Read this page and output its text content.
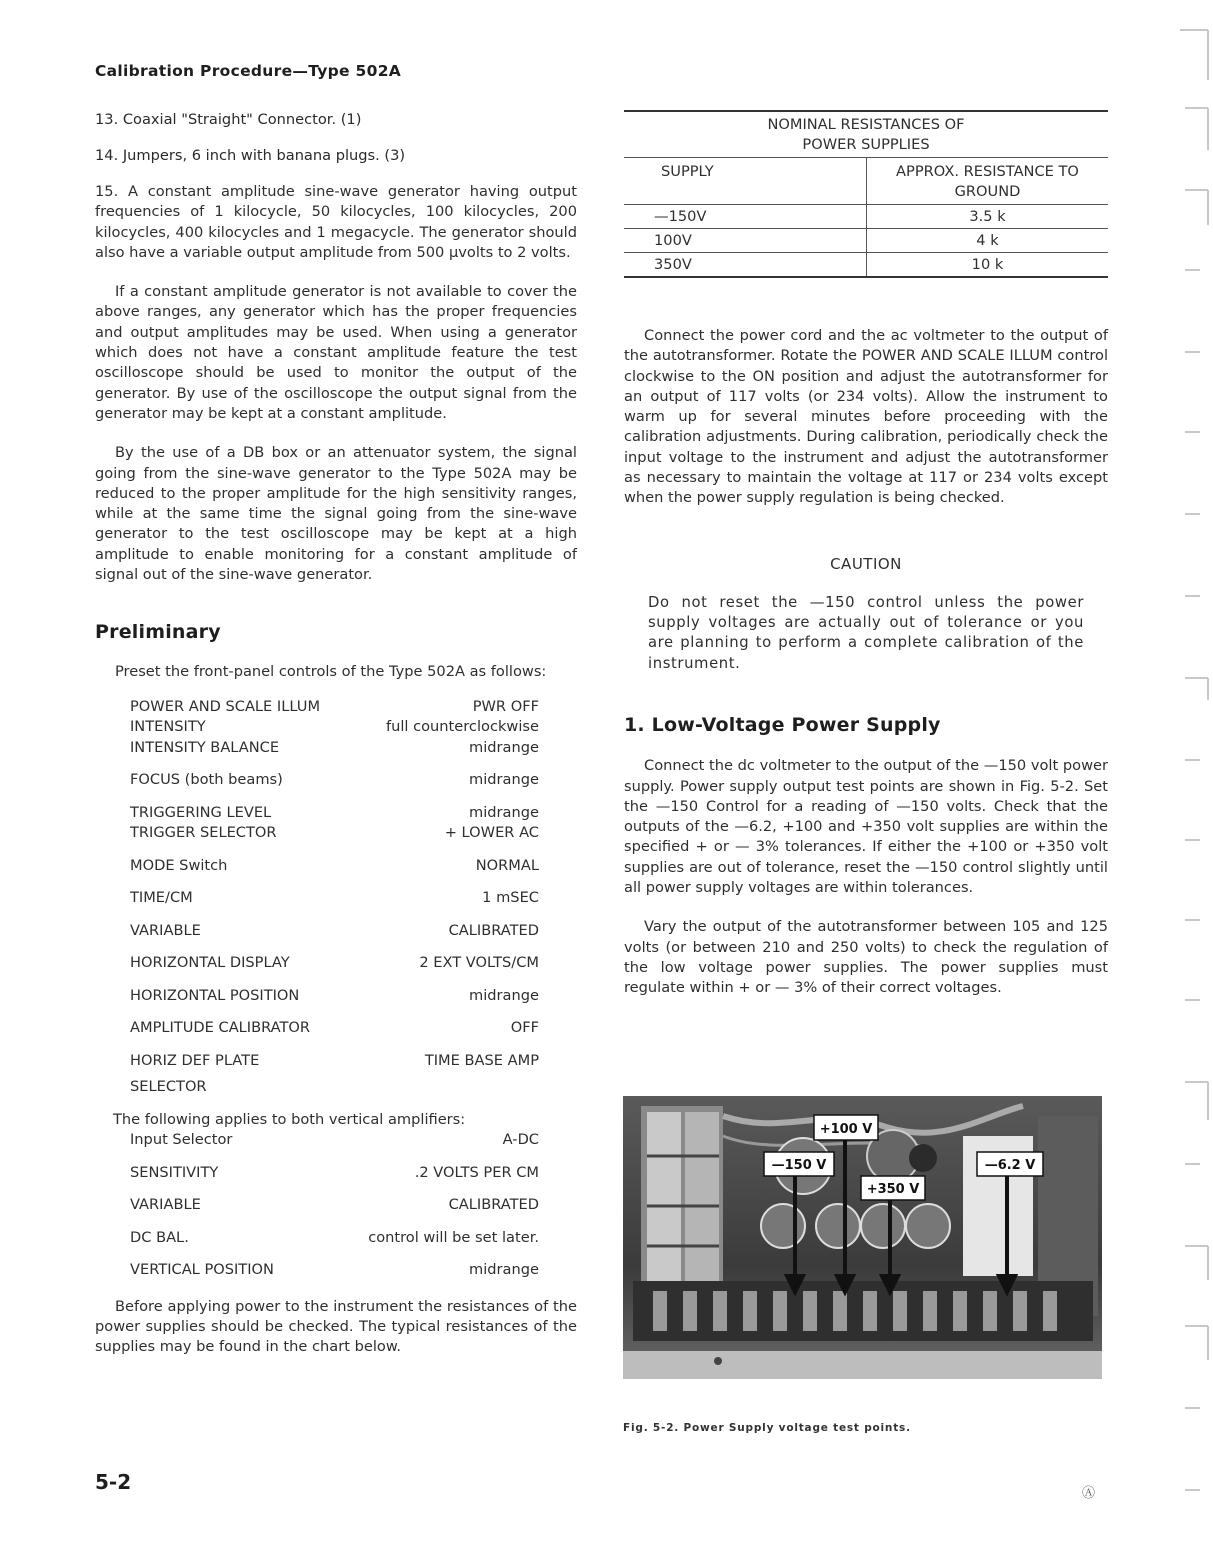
Calibration Procedure—Type 502A

13. Coaxial "Straight" Connector. (1)

14. Jumpers, 6 inch with banana plugs. (3)

15. A constant amplitude sine-wave generator having output frequencies of 1 kilocycle, 50 kilocycles, 100 kilocycles, 200 kilocycles, 400 kilocycles and 1 megacycle. The generator should also have a variable output amplitude from 500 μvolts to 2 volts.

If a constant amplitude generator is not available to cover the above ranges, any generator which has the proper frequencies and output amplitudes may be used. When using a generator which does not have a constant amplitude feature the test oscilloscope should be used to monitor the output of the generator. By use of the oscilloscope the output signal from the generator may be kept at a constant amplitude.

By the use of a DB box or an attenuator system, the signal going from the sine-wave generator to the Type 502A may be reduced to the proper amplitude for the high sensitivity ranges, while at the same time the signal going from the sine-wave generator to the test oscilloscope may be kept at a high amplitude to enable monitoring for a constant amplitude of signal out of the sine-wave generator.

Preliminary

Preset the front-panel controls of the Type 502A as follows:

POWER AND SCALE ILLUM	PWR OFF
INTENSITY	full counterclockwise
INTENSITY BALANCE	midrange
FOCUS (both beams)	midrange
TRIGGERING LEVEL	midrange
TRIGGER SELECTOR	+ LOWER AC
MODE Switch	NORMAL
TIME/CM	1 mSEC
VARIABLE	CALIBRATED
HORIZONTAL DISPLAY	2 EXT VOLTS/CM
HORIZONTAL POSITION	midrange
AMPLITUDE CALIBRATOR	OFF
HORIZ DEF PLATE	TIME BASE AMP
SELECTOR
The following applies to both vertical amplifiers:
Input Selector	A-DC
SENSITIVITY	.2 VOLTS PER CM
VARIABLE	CALIBRATED
DC BAL.	control will be set later.
VERTICAL POSITION	midrange

Before applying power to the instrument the resistances of the power supplies should be checked. The typical resistances of the supplies may be found in the chart below.

NOMINAL RESISTANCES OF
POWER SUPPLIES	

SUPPLY	APPROX. RESISTANCE TO
GROUND

—150V	3.5 k
100V	4 k
350V	10 k

Connect the power cord and the ac voltmeter to the output of the autotransformer. Rotate the POWER AND SCALE ILLUM control clockwise to the ON position and adjust the autotransformer for an output of 117 volts (or 234 volts). Allow the instrument to warm up for several minutes before proceeding with the calibration adjustments. During calibration, periodically check the input voltage to the instrument and adjust the autotransformer as necessary to maintain the voltage at 117 or 234 volts except when the power supply regulation is being checked.

CAUTION
Do not reset the —150 control unless the power supply voltages are actually out of tolerance or you are planning to perform a complete calibration of the instrument.
1. Low-Voltage Power Supply

Connect the dc voltmeter to the output of the —150 volt power supply. Power supply output test points are shown in Fig. 5-2. Set the —150 Control for a reading of —150 volts. Check that the outputs of the —6.2, +100 and +350 volt supplies are within the specified + or — 3% tolerances. If either the +100 or +350 volt supplies are out of tolerance, reset the —150 control slightly until all power supply voltages are within tolerances.

Vary the output of the autotransformer between 105 and 125 volts (or between 210 and 250 volts) to check the regulation of the low voltage power supplies. The power supplies must regulate within + or — 3% of their correct voltages.

+100 V
—150 V
+350 V
—6.2 V
Fig. 5-2. Power Supply voltage test points.
5-2	Ⓐ
